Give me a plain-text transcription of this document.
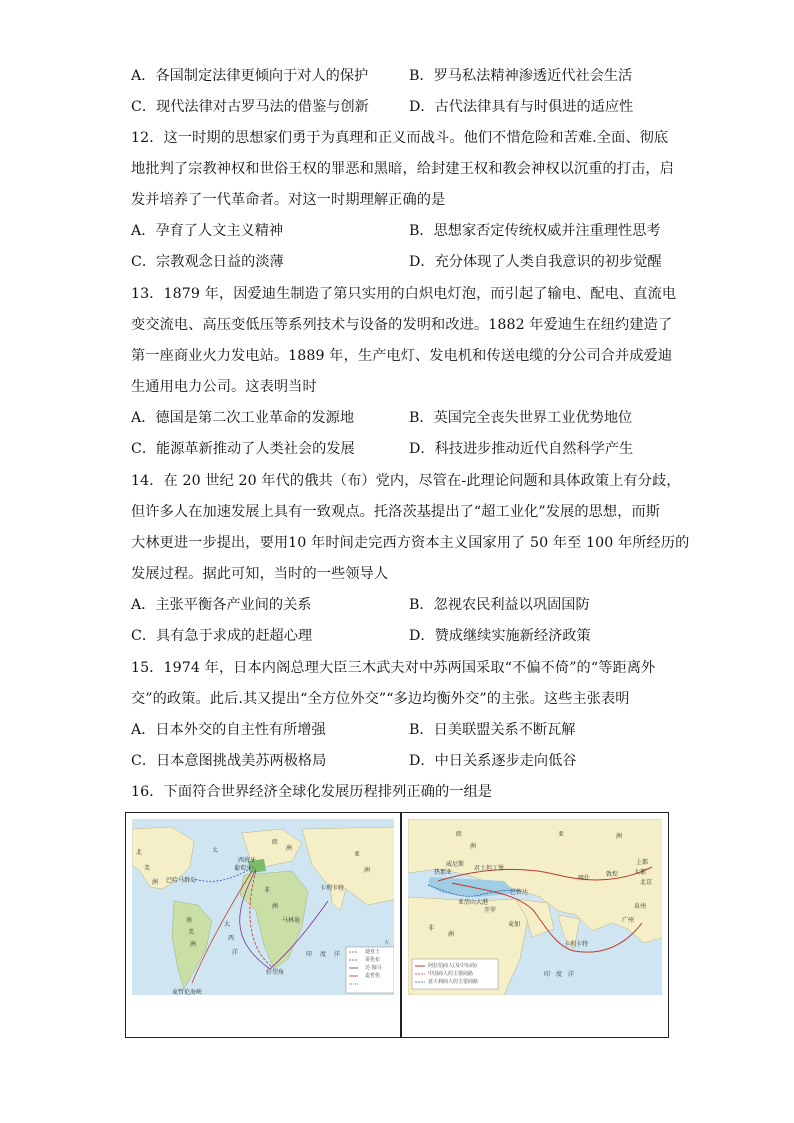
A．各国制定法律更倾向于对人的保护	B．罗马私法精神渗透近代社会生活
C．现代法律对古罗马法的借鉴与创新	D．古代法律具有与时俱进的适应性
12．这一时期的思想家们勇于为真理和正义而战斗。他们不惜危险和苦难.全面、彻底
地批判了宗教神权和世俗王权的罪恶和黑暗，给封建王权和教会神权以沉重的打击，启
发并培养了一代革命者。对这一时期理解正确的是
A．孕育了人文主义精神	B．思想家否定传统权威并注重理性思考
C．宗教观念日益的淡薄	D．充分体现了人类自我意识的初步觉醒
13．1879 年，因爱迪生制造了第只实用的白炽电灯泡，而引起了输电、配电、直流电
变交流电、高压变低压等系列技术与设备的发明和改进。1882 年爱迪生在纽约建造了
第一座商业火力发电站。1889 年，生产电灯、发电机和传送电缆的分公司合并成爱迪
生通用电力公司。这表明当时
A．德国是第二次工业革命的发源地	B．英国完全丧失世界工业优势地位
C．能源革新推动了人类社会的发展	D．科技进步推动近代自然科学产生
14．在 20 世纪 20 年代的俄共（布）党内，尽管在-此理论问题和具体政策上有分歧，
但许多人在加速发展上具有一致观点。托洛茨基提出了“超工业化”发展的思想，而斯
大林更进一步提出，要用10 年时间走完西方资本主义国家用了 50 年至 100 年所经历的
发展过程。据此可知，当时的一些领导人
A．主张平衡各产业间的关系	B．忽视农民利益以巩固国防
C．具有急于求成的赶超心理	D．赞成继续实施新经济政策
15．1974 年，日本内阁总理大臣三木武夫对中苏两国采取“不偏不倚”的“等距离外
交”的政策。此后.其又提出“全方位外交”“多边均衡外交”的主张。这些主张表明
A．日本外交的自主性有所增强	B．日美联盟关系不断瓦解
C．日本意图挑战美苏两极格局	D．中日关系逐步走向低谷
16．下面符合世界经济全球化发展历程排列正确的一组是
北
美
洲
太
欧
洲
西班牙
葡萄牙
巴哈马群岛
非
洲
马林迪
卡利卡特
南
美
洲
好望角
印 度 洋
大
西
洋
麦哲伦海峡
亚
洲
迪亚士
哥伦布
达·伽马
麦哲伦
大
欧
洲
亚	洲
威尼斯
热那亚
君士坦丁堡
巴格达
喀什
敦煌	大都
上都
北京
非
洲
亚历山大港
开罗
麦加
卡利卡特
广州
泉州
印 度 洋
阿拉伯商人(及中东商)
中国商人的主要商路
意大利商人的主要商路
